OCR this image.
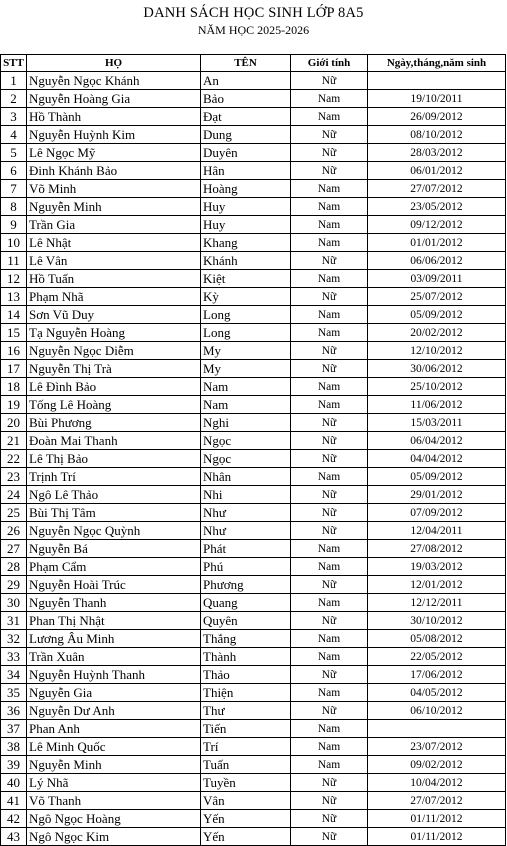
DANH SÁCH HỌC SINH LỚP 8A5
NĂM HỌC 2025-2026
STT	HỌ	TÊN	Giới tính	Ngày,tháng,năm sinh
1	Nguyễn Ngọc Khánh	An	Nữ	
2	Nguyễn Hoàng Gia	Bảo	Nam	19/10/2011
3	Hồ Thành	Đạt	Nam	26/09/2012
4	Nguyễn Huỳnh Kim	Dung	Nữ	08/10/2012
5	Lê Ngọc Mỹ	Duyên	Nữ	28/03/2012
6	Đinh Khánh Bảo	Hân	Nữ	06/01/2012
7	Võ Minh	Hoàng	Nam	27/07/2012
8	Nguyễn Minh	Huy	Nam	23/05/2012
9	Trần Gia	Huy	Nam	09/12/2012
10	Lê Nhật	Khang	Nam	01/01/2012
11	Lê Vân	Khánh	Nữ	06/06/2012
12	Hồ Tuấn	Kiệt	Nam	03/09/2011
13	Phạm Nhã	Kỳ	Nữ	25/07/2012
14	Sơn Vũ Duy	Long	Nam	05/09/2012
15	Tạ Nguyễn Hoàng	Long	Nam	20/02/2012
16	Nguyễn Ngọc Diễm	My	Nữ	12/10/2012
17	Nguyễn Thị Trà	My	Nữ	30/06/2012
18	Lê Đình Bảo	Nam	Nam	25/10/2012
19	Tống Lê Hoàng	Nam	Nam	11/06/2012
20	Bùi Phương	Nghi	Nữ	15/03/2011
21	Đoàn Mai Thanh	Ngọc	Nữ	06/04/2012
22	Lê Thị Bảo	Ngọc	Nữ	04/04/2012
23	Trịnh Trí	Nhân	Nam	05/09/2012
24	Ngô Lê Thảo	Nhi	Nữ	29/01/2012
25	Bùi Thị Tâm	Như	Nữ	07/09/2012
26	Nguyễn Ngọc Quỳnh	Như	Nữ	12/04/2011
27	Nguyễn Bá	Phát	Nam	27/08/2012
28	Phạm Cẩm	Phú	Nam	19/03/2012
29	Nguyễn Hoài Trúc	Phương	Nữ	12/01/2012
30	Nguyễn Thanh	Quang	Nam	12/12/2011
31	Phan Thị Nhật	Quyên	Nữ	30/10/2012
32	Lương Âu Minh	Thắng	Nam	05/08/2012
33	Trần Xuân	Thành	Nam	22/05/2012
34	Nguyễn Huỳnh Thanh	Thảo	Nữ	17/06/2012
35	Nguyễn Gia	Thiện	Nam	04/05/2012
36	Nguyễn Dư Anh	Thư	Nữ	06/10/2012
37	Phan Anh	Tiến	Nam	
38	Lê Minh Quốc	Trí	Nam	23/07/2012
39	Nguyễn Minh	Tuấn	Nam	09/02/2012
40	Lý Nhã	Tuyền	Nữ	10/04/2012
41	Võ Thanh	Vân	Nữ	27/07/2012
42	Ngô Ngọc Hoàng	Yến	Nữ	01/11/2012
43	Ngô Ngọc Kim	Yến	Nữ	01/11/2012
